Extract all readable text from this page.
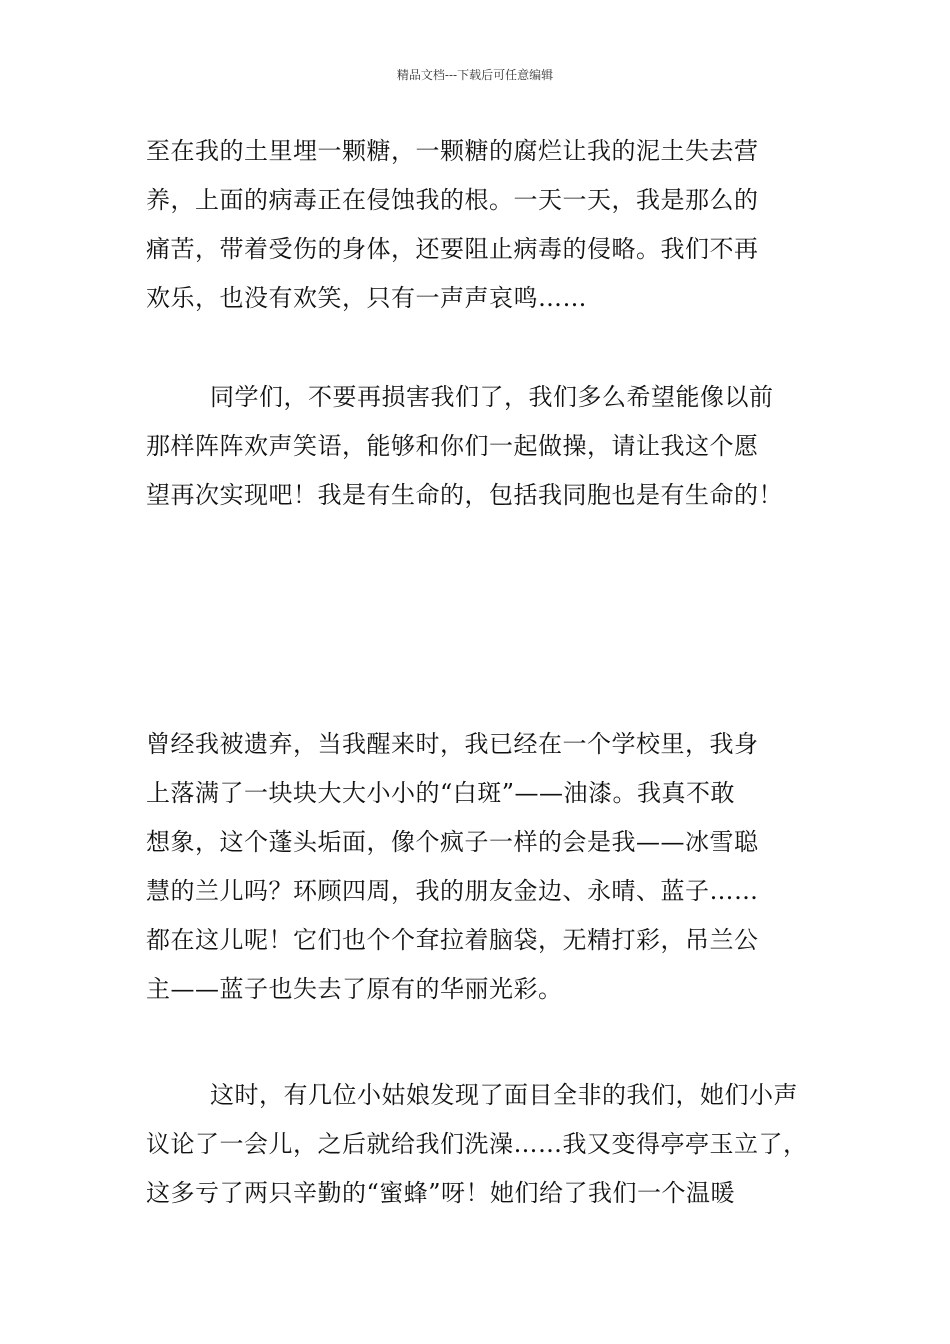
精品文档---下载后可任意编辑
至在我的土里埋一颗糖，一颗糖的腐烂让我的泥土失去营
养，上面的病毒正在侵蚀我的根。一天一天，我是那么的
痛苦，带着受伤的身体，还要阻止病毒的侵略。我们不再
欢乐，也没有欢笑，只有一声声哀鸣……
同学们，不要再损害我们了，我们多么希望能像以前
那样阵阵欢声笑语，能够和你们一起做操，请让我这个愿
望再次实现吧！我是有生命的，包括我同胞也是有生命的！
曾经我被遗弃，当我醒来时，我已经在一个学校里，我身
上落满了一块块大大小小的“白斑”——油漆。我真不敢
想象，这个蓬头垢面，像个疯子一样的会是我——冰雪聪
慧的兰儿吗？环顾四周，我的朋友金边、永晴、蓝子……
都在这儿呢！它们也个个耷拉着脑袋，无精打彩，吊兰公
主——蓝子也失去了原有的华丽光彩。
这时，有几位小姑娘发现了面目全非的我们，她们小声
议论了一会儿，之后就给我们洗澡……我又变得亭亭玉立了，
这多亏了两只辛勤的“蜜蜂”呀！她们给了我们一个温暖
